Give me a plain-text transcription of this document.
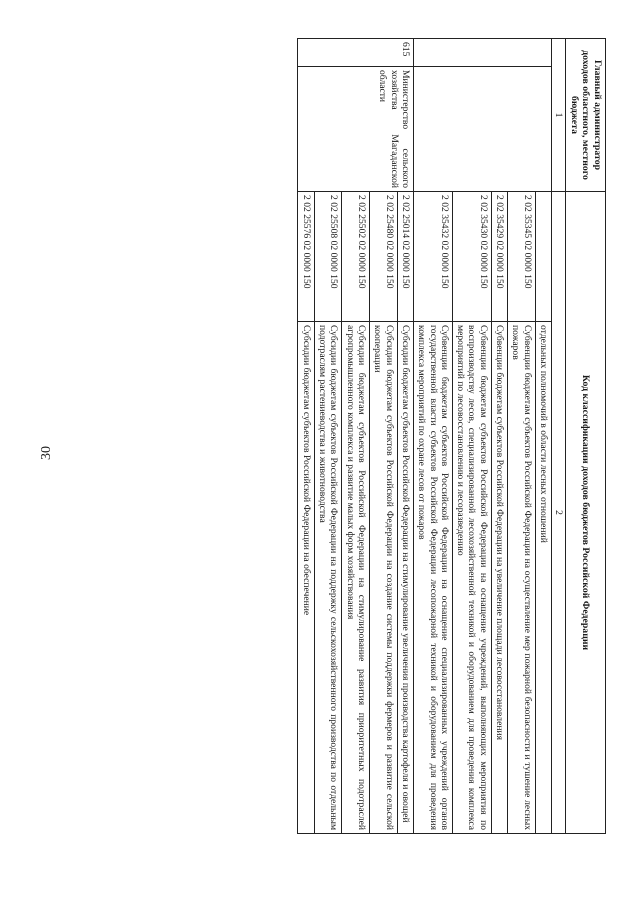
30
Главный администратор доходов областного, местного бюджета		Код классификации доходов бюджетов Российской Федерации	
1		2	
			отдельных полномочий в области лесных отношений
		2 02 35345 02 0000 150	Субвенции бюджетам субъектов Российской Федерации на осуществление мер пожарной безопасности и тушение лесных пожаров
		2 02 35429 02 0000 150	Субвенции бюджетам субъектов Российской Федерации на увеличение площади лесовосстановления
		2 02 35430 02 0000 150	Субвенции бюджетам субъектов Российской Федерации на оснащение учреждений, выполняющих мероприятия по воспроизводству лесов, специализированной лесохозяйственной техникой и оборудованием для проведения комплекса мероприятий по лесовосстановлению и лесоразведению
		2 02 35432 02 0000 150	Субвенции бюджетам субъектов Российской Федерации на оснащение специализированных учреждений органов государственной власти субъектов Российской Федерации лесопожарной техникой и оборудованием для проведения комплекса мероприятий по охране лесов от пожаров
615	Министерство сельского хозяйства Магаданской области	2 02 25014 02 0000 150	Субсидии бюджетам субъектов Российской Федерации на стимулирование увеличения производства картофеля и овощей
		2 02 25480 02 0000 150	Субсидии бюджетам субъектов Российской Федерации на создание системы поддержки фермеров и развитие сельской кооперации
		2 02 25502 02 0000 150	Субсидии бюджетам субъектов Российской Федерации на стимулирование развития приоритетных подотраслей агропромышленного комплекса и развитие малых форм хозяйствования
		2 02 25508 02 0000 150	Субсидии бюджетам субъектов Российской Федерации на поддержку сельскохозяйственного производства по отдельным подотраслям растениеводства и животноводства
		2 02 25576 02 0000 150	Субсидии бюджетам субъектов Российской Федерации на обеспечение
